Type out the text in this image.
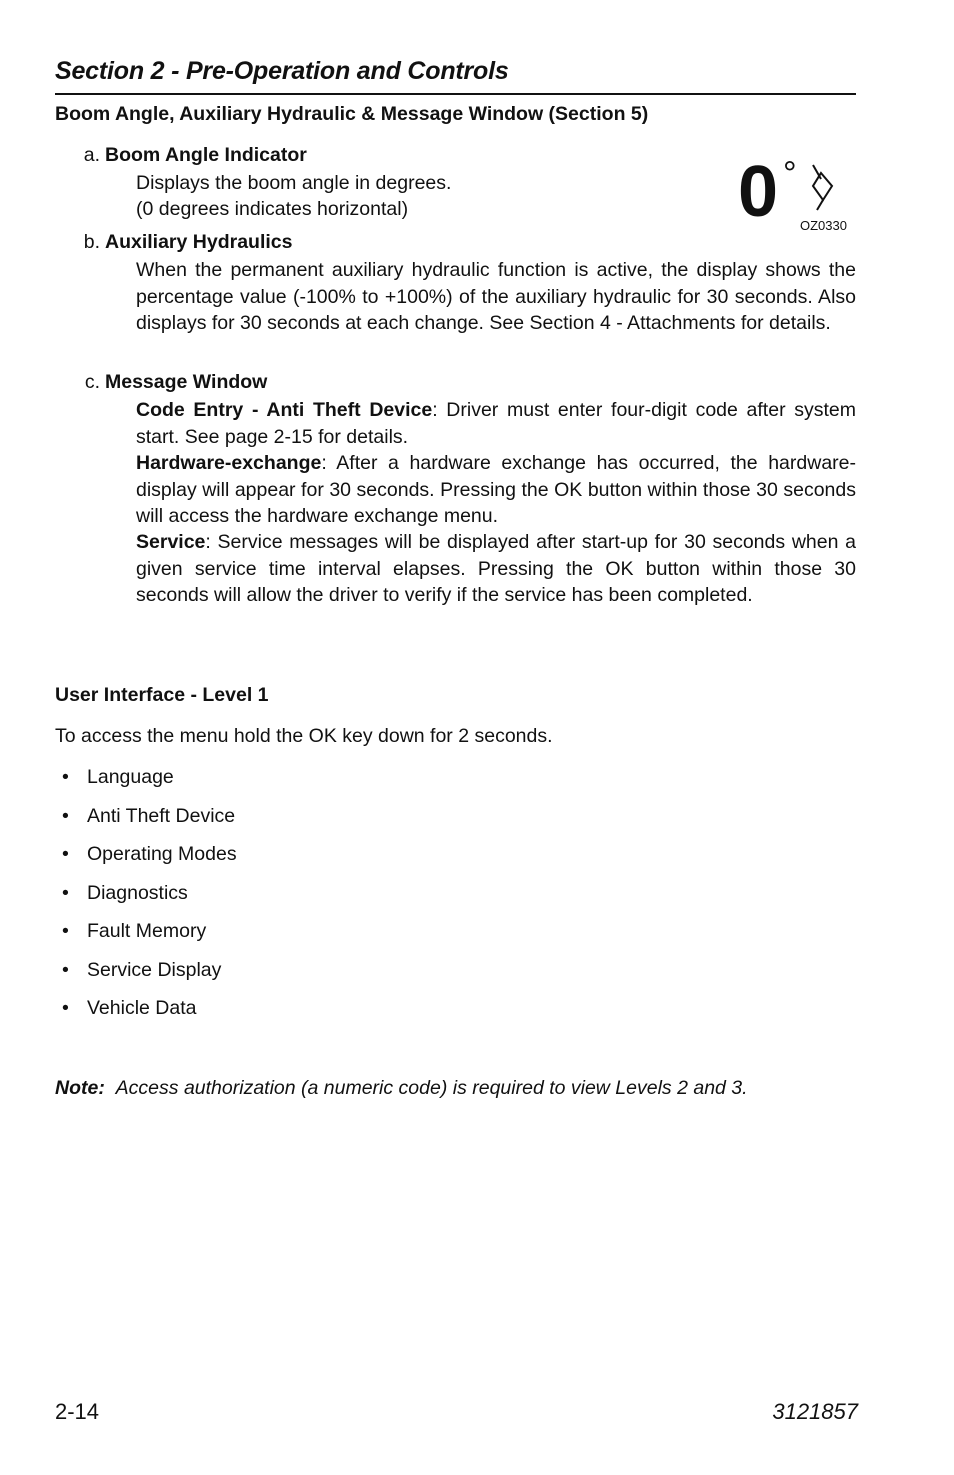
Section 2 - Pre-Operation and Controls
Boom Angle, Auxiliary Hydraulic & Message Window (Section 5)
a. Boom Angle Indicator
Displays the boom angle in degrees.
(0 degrees indicates horizontal)	0 °
OZ0330
b. Auxiliary Hydraulics
When the permanent auxiliary hydraulic function is active, the display shows the percentage value (-100% to +100%) of the auxiliary hydraulic for 30 seconds. Also displays for 30 seconds at each change. See Section 4 - Attachments for details.
c. Message Window
Code Entry - Anti Theft Device: Driver must enter four-digit code after system start. See page 2-15 for details.
Hardware-exchange: After a hardware exchange has occurred, the hardware-display will appear for 30 seconds. Pressing the OK button within those 30 seconds will access the hardware exchange menu.
Service: Service messages will be displayed after start-up for 30 seconds when a given service time interval elapses. Pressing the OK button within those 30 seconds will allow the driver to verify if the service has been completed.
User Interface - Level 1
To access the menu hold the OK key down for 2 seconds.
• Language
• Anti Theft Device
• Operating Modes
• Diagnostics
• Fault Memory
• Service Display
• Vehicle Data
Note: Access authorization (a numeric code) is required to view Levels 2 and 3.
2-14	3121857
